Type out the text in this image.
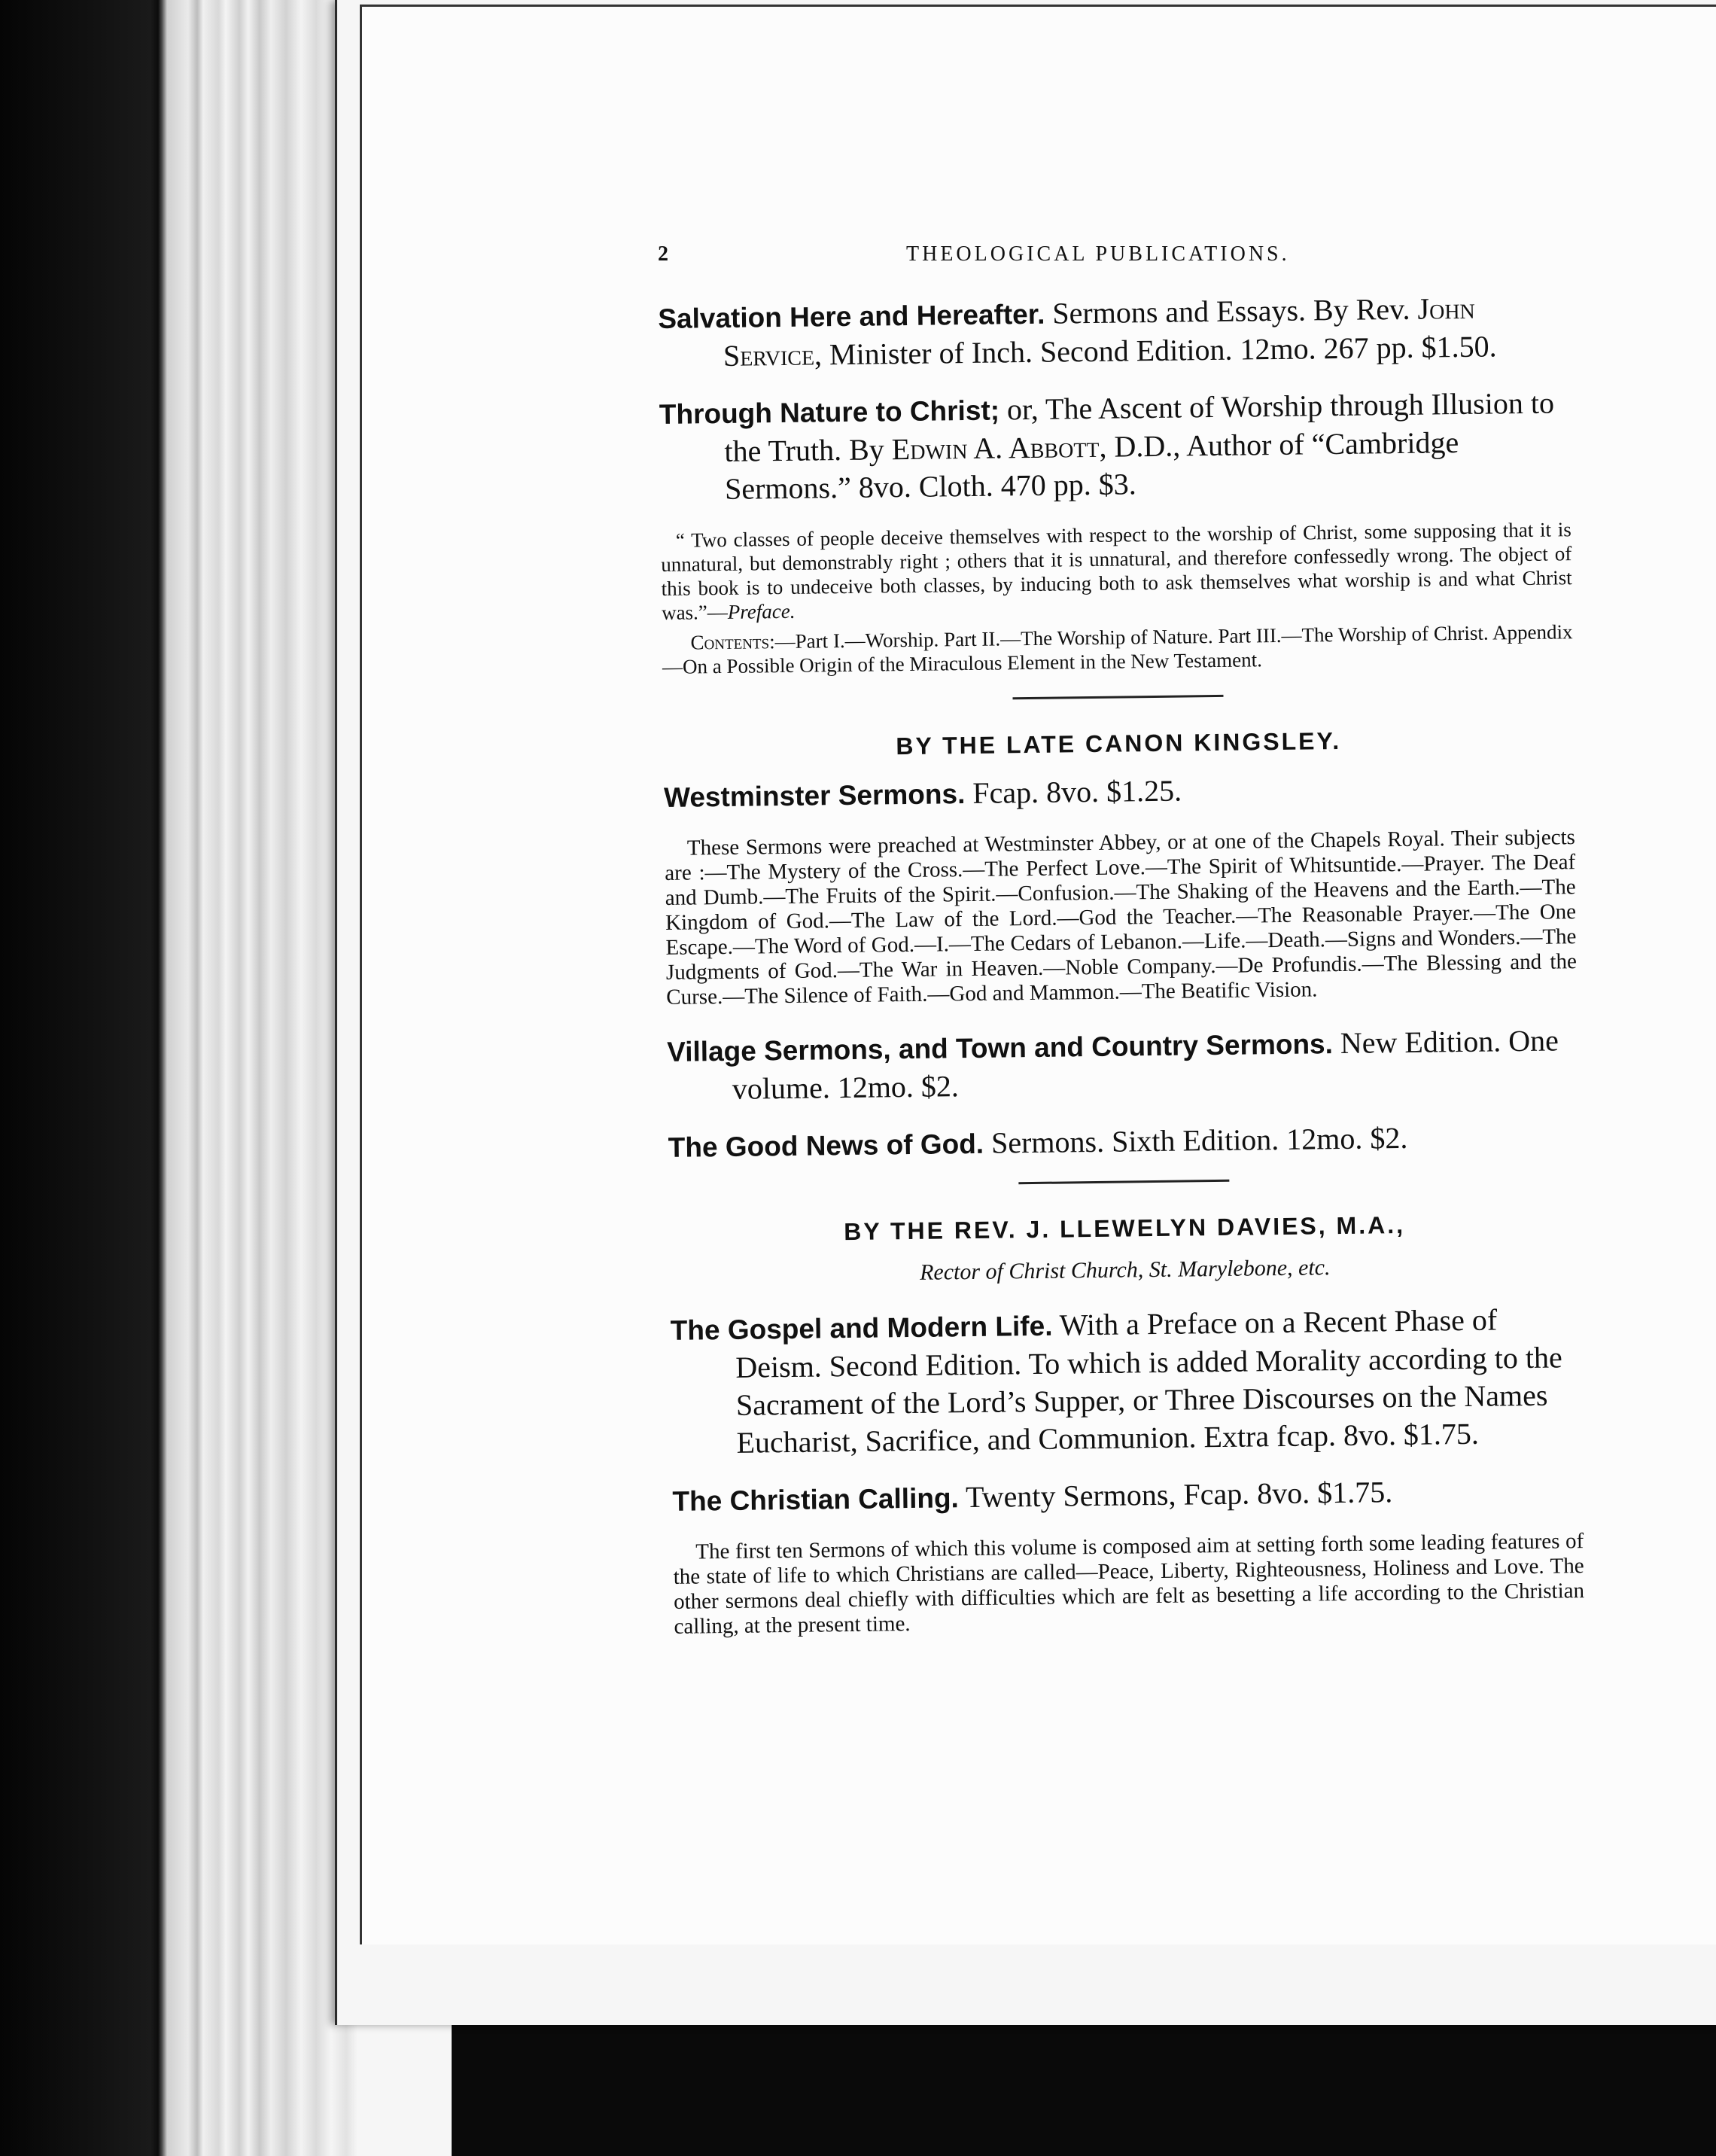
2	THEOLOGICAL PUBLICATIONS.

Salvation Here and Hereafter. Sermons and Essays. By Rev. John Service, Minister of Inch. Second Edition. 12mo. 267 pp. $1.50.

Through Nature to Christ; or, The Ascent of Worship through Illusion to the Truth. By Edwin A. Abbott, D.D., Author of “Cambridge Sermons.” 8vo. Cloth. 470 pp. $3.

“ Two classes of people deceive themselves with respect to the worship of Christ, some supposing that it is unnatural, but demonstrably right ; others that it is unnatural, and therefore confessedly wrong. The object of this book is to undeceive both classes, by inducing both to ask themselves what worship is and what Christ was.”—Preface.

Contents:—Part I.—Worship. Part II.—The Worship of Nature. Part III.—The Worship of Christ. Appendix—On a Possible Origin of the Miraculous Element in the New Testament.

BY THE LATE CANON KINGSLEY.

Westminster Sermons. Fcap. 8vo. $1.25.

These Sermons were preached at Westminster Abbey, or at one of the Chapels Royal. Their subjects are :—The Mystery of the Cross.—The Perfect Love.—The Spirit of Whitsuntide.—Prayer. The Deaf and Dumb.—The Fruits of the Spirit.—Confusion.—The Shaking of the Heavens and the Earth.—The Kingdom of God.—The Law of the Lord.—God the Teacher.—The Reasonable Prayer.—The One Escape.—The Word of God.—I.—The Cedars of Lebanon.—Life.—Death.—Signs and Wonders.—The Judgments of God.—The War in Heaven.—Noble Company.—De Profundis.—The Blessing and the Curse.—The Silence of Faith.—God and Mammon.—The Beatific Vision.

Village Sermons, and Town and Country Sermons. New Edition. One volume. 12mo. $2.

The Good News of God. Sermons. Sixth Edition. 12mo. $2.

BY THE REV. J. LLEWELYN DAVIES, M.A.,
Rector of Christ Church, St. Marylebone, etc.

The Gospel and Modern Life. With a Preface on a Recent Phase of Deism. Second Edition. To which is added Morality according to the Sacrament of the Lord’s Supper, or Three Discourses on the Names Eucharist, Sacrifice, and Communion. Extra fcap. 8vo. $1.75.

The Christian Calling. Twenty Sermons, Fcap. 8vo. $1.75.

The first ten Sermons of which this volume is composed aim at setting forth some leading features of the state of life to which Christians are called—Peace, Liberty, Righteousness, Holiness and Love. The other sermons deal chiefly with difficulties which are felt as besetting a life according to the Christian calling, at the present time.
